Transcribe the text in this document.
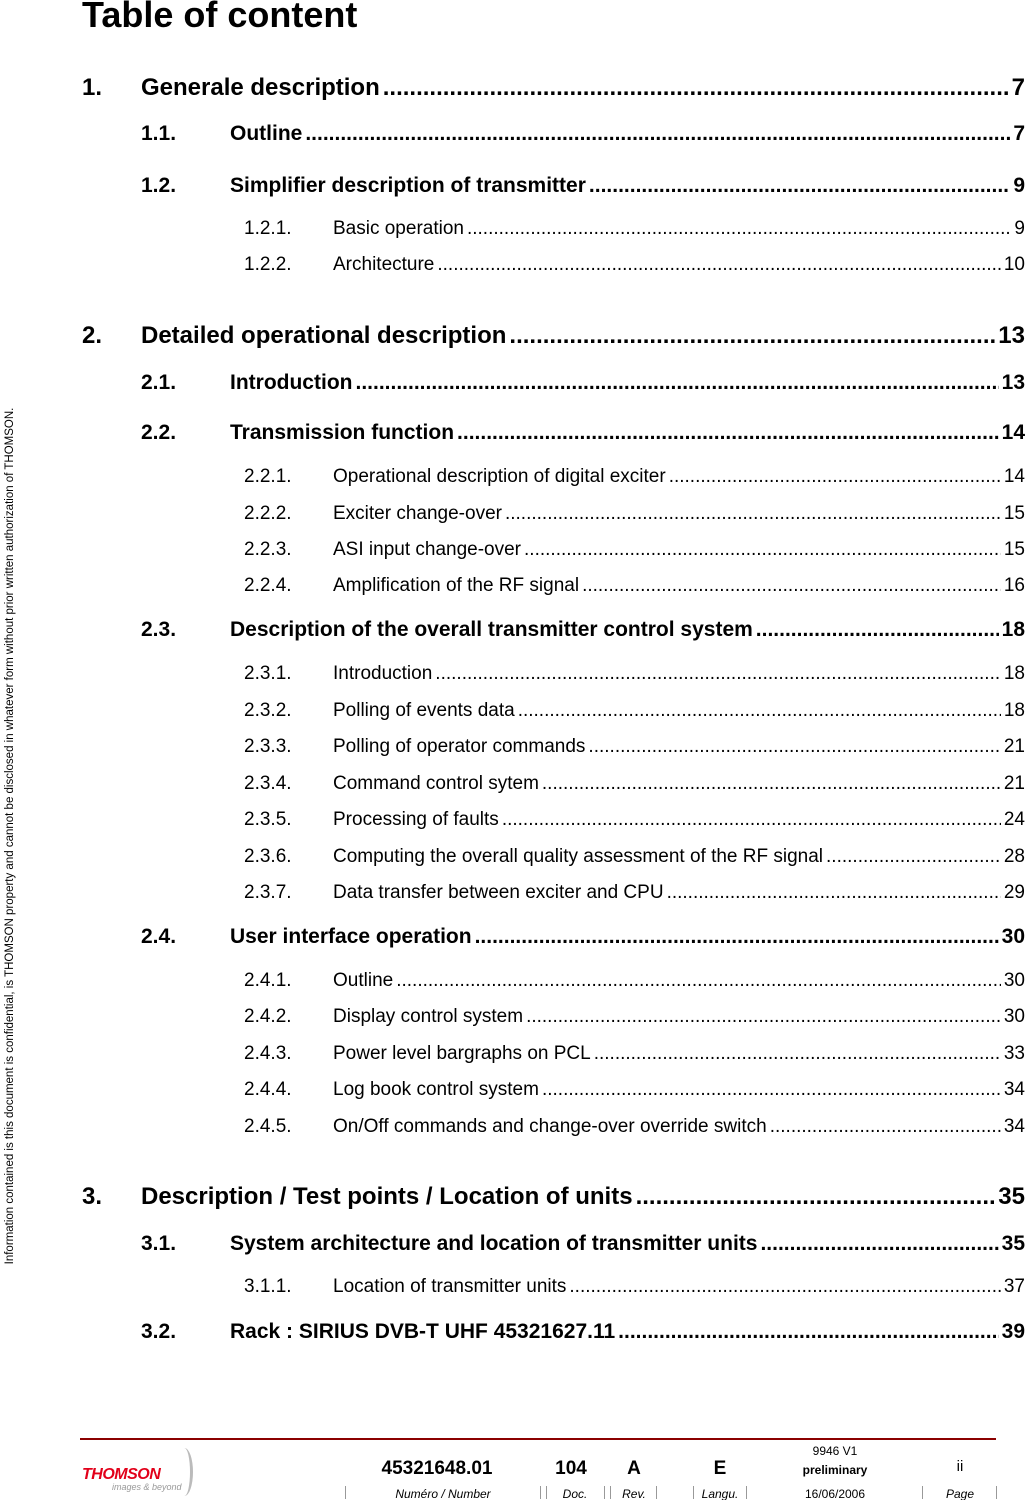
Table of content
Information contained is this document is confidential, is THOMSON property and cannot be disclosed in whatever form without prior written authorization of THOMSON.
1. Generale description .....	7
1.1.	Outline .....	7
1.2.	Simplifier description of transmitter .....	9
1.2.1. Basic operation .....	9
1.2.2. Architecture .....	10
2. Detailed operational description .....	13
2.1.	Introduction .....	13
2.2.	Transmission function .....	14
2.2.1. Operational description of digital exciter .....	14
2.2.2. Exciter change-over .....	15
2.2.3. ASI input change-over .....	15
2.2.4. Amplification of the RF signal .....	16
2.3.	Description of the overall transmitter control system .....	18
2.3.1. Introduction .....	18
2.3.2. Polling of events data .....	18
2.3.3. Polling of operator commands .....	21
2.3.4. Command control sytem .....	21
2.3.5. Processing of faults .....	24
2.3.6. Computing the overall quality assessment of the RF signal .....	28
2.3.7. Data transfer between exciter and CPU .....	29
2.4.	User interface operation .....	30
2.4.1. Outline .....	30
2.4.2. Display control system .....	30
2.4.3. Power level bargraphs on PCL .....	33
2.4.4. Log book control system .....	34
2.4.5. On/Off commands and change-over override switch .....	34
3. Description / Test points / Location of units .....	35
3.1.	System architecture and location of transmitter units .....	35
3.1.1. Location of transmitter units .....	37
3.2.	Rack : SIRIUS DVB-T UHF 45321627.11 .....	39
THOMSON
images & beyond
45321648.01
Numéro / Number
104
Doc.
A
Rev.
E
Langu.
9946 V1
preliminary
16/06/2006
ii
Page
